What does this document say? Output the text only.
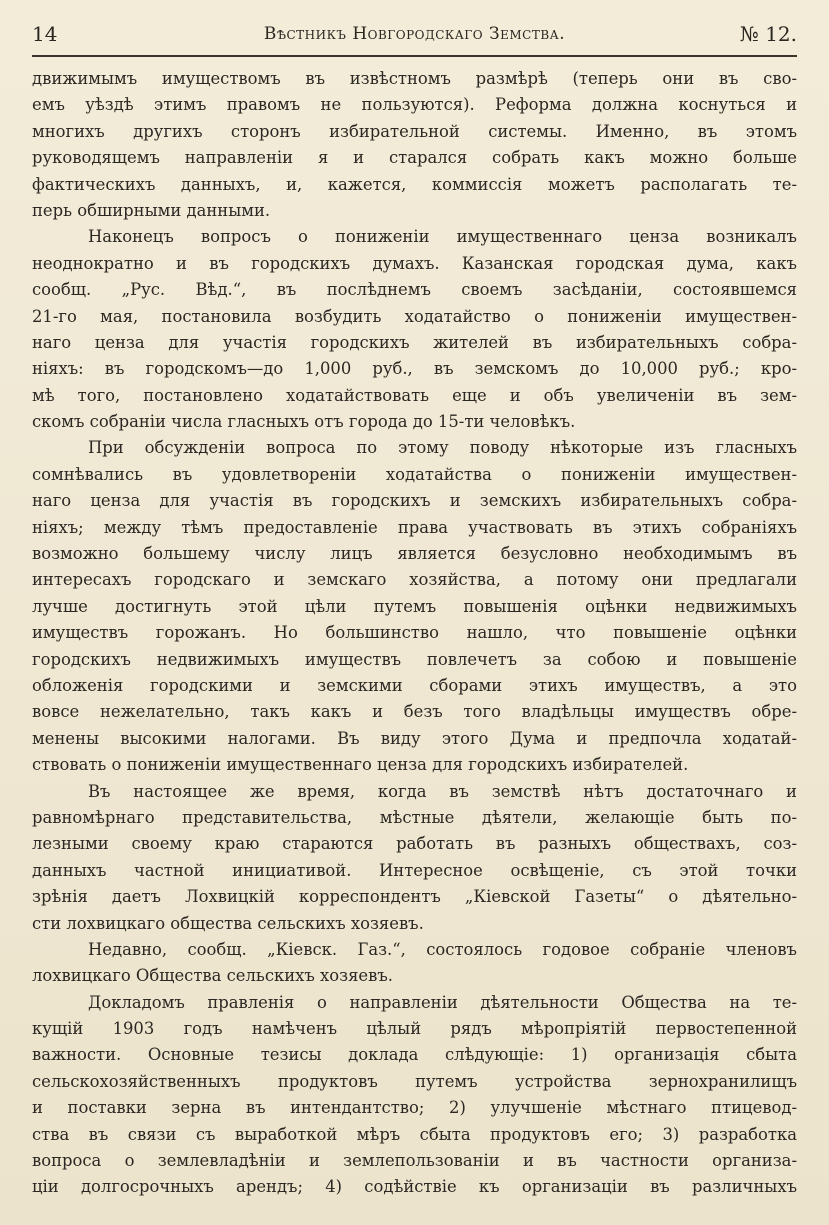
14	Вѣстникъ Новгородскаго Земства.	№ 12.
движимымъ имуществомъ въ извѣстномъ размѣрѣ (теперь они въ сво-
емъ уѣздѣ этимъ правомъ не пользуются). Реформа должна коснуться и
многихъ другихъ сторонъ избирательной системы. Именно, въ этомъ
руководящемъ направленiи я и старался собрать какъ можно больше
фактическихъ данныхъ, и, кажется, коммиссiя можетъ располагать те-
перь обширными данными.
Наконецъ вопросъ о пониженiи имущественнаго ценза возникалъ
неоднократно и въ городскихъ думахъ. Казанская городская дума, какъ
сообщ. „Рус. Вѣд.“, въ послѣднемъ своемъ засѣданiи, состоявшемся
21-го мая, постановила возбудить ходатайство о пониженiи имуществен-
наго ценза для участiя городскихъ жителей въ избирательныхъ собра-
нiяхъ: въ городскомъ—до 1,000 руб., въ земскомъ до 10,000 руб.; кро-
мѣ того, постановлено ходатайствовать еще и объ увеличенiи въ зем-
скомъ собранiи числа гласныхъ отъ города до 15-ти человѣкъ.
При обсужденiи вопроса по этому поводу нѣкоторые изъ гласныхъ
сомнѣвались въ удовлетворенiи ходатайства о пониженiи имуществен-
наго ценза для участiя въ городскихъ и земскихъ избирательныхъ собра-
нiяхъ; между тѣмъ предоставленiе права участвовать въ этихъ собранiяхъ
возможно большему числу лицъ является безусловно необходимымъ въ
интересахъ городскаго и земскаго хозяйства, а потому они предлагали
лучше достигнуть этой цѣли путемъ повышенiя оцѣнки недвижимыхъ
имуществъ горожанъ. Но большинство нашло, что повышенiе оцѣнки
городскихъ недвижимыхъ имуществъ повлечетъ за собою и повышенiе
обложенiя городскими и земскими сборами этихъ имуществъ, а это
вовсе нежелательно, такъ какъ и безъ того владѣльцы имуществъ обре-
менены высокими налогами. Въ виду этого Дума и предпочла ходатай-
ствовать о пониженiи имущественнаго ценза для городскихъ избирателей.
Въ настоящее же время, когда въ земствѣ нѣтъ достаточнаго и
равномѣрнаго представительства, мѣстные дѣятели, желающiе быть по-
лезными своему краю стараются работать въ разныхъ обществахъ, соз-
данныхъ частной инициативой. Интересное освѣщенiе, съ этой точки
зрѣнiя даетъ Лохвицкiй корреспондентъ „Кiевской Газеты“ о дѣятельно-
сти лохвицкаго общества сельскихъ хозяевъ.
Недавно, сообщ. „Кiевск. Газ.“, состоялось годовое собранiе членовъ
лохвицкаго Общества сельскихъ хозяевъ.
Докладомъ правленiя о направленiи дѣятельности Общества на те-
кущiй 1903 годъ намѣченъ цѣлый рядъ мѣропрiятiй первостепенной
важности. Основные тезисы доклада слѣдующiе: 1) организацiя сбыта
сельскохозяйственныхъ продуктовъ путемъ устройства зернохранилищъ
и поставки зерна въ интендантство; 2) улучшенiе мѣстнаго птицевод-
ства въ связи съ выработкой мѣръ сбыта продуктовъ его; 3) разработка
вопроса о землевладѣнiи и землепользованiи и въ частности организа-
цiи долгосрочныхъ арендъ; 4) содѣйствiе къ организацiи въ различныхъ
